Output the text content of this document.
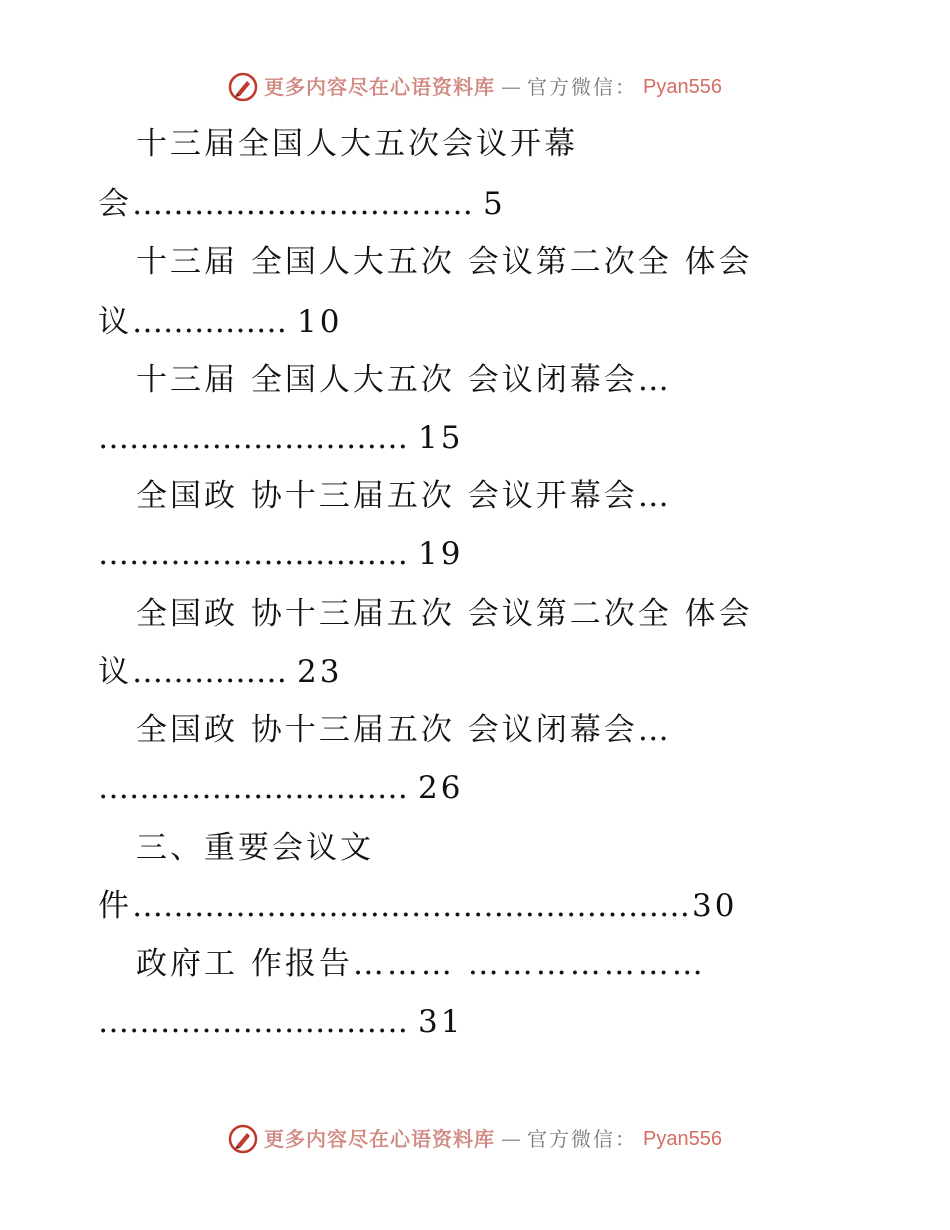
更多内容尽在心语资料库 — 官方微信： Pyan556
十三届全国人大五次会议开幕
会…………………………… 5
十三届 全国人大五次 会议第二次全 体会
议…………… 10
十三届 全国人大五次 会议闭幕会…
………………………… 15
全国政 协十三届五次 会议开幕会…
………………………… 19
全国政 协十三届五次 会议第二次全 体会
议…………… 23
全国政 协十三届五次 会议闭幕会…
………………………… 26
三、重要会议文
件………………………………………………30
政府工 作报告……… …………………
………………………… 31
更多内容尽在心语资料库 — 官方微信： Pyan556
